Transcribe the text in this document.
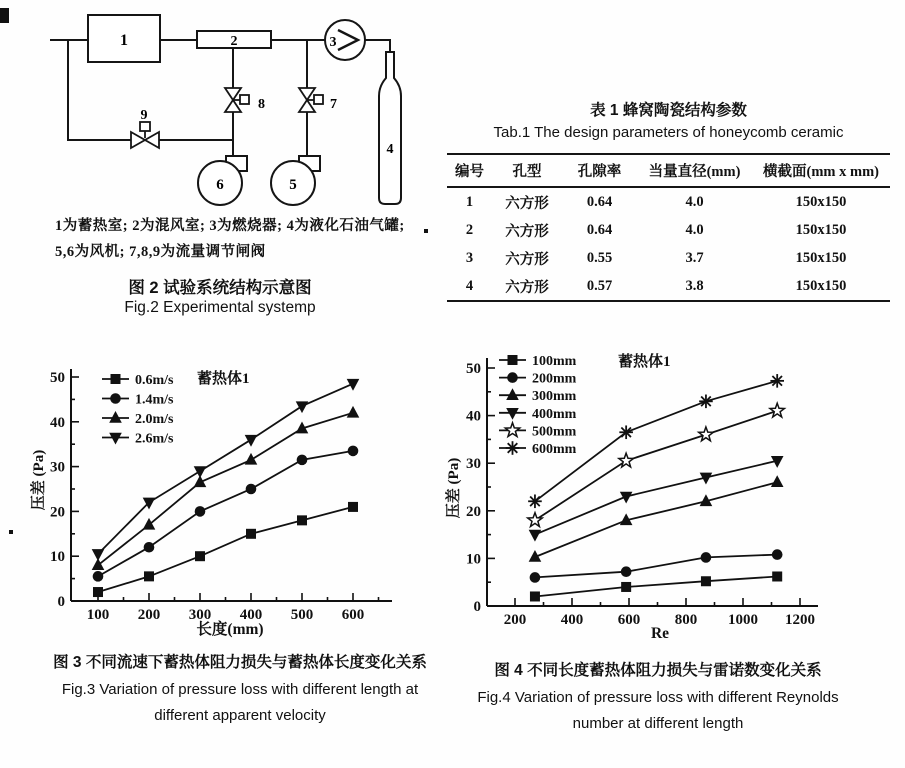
1	2	3
4
8	7
9
6	5
1为蓄热室; 2为混风室; 3为燃烧器; 4为液化石油气罐;
5,6为风机; 7,8,9为流量调节闸阀
图 2 试验系统结构示意图
Fig.2 Experimental systemp
表 1 蜂窝陶瓷结构参数
Tab.1 The design parameters of honeycomb ceramic
编号	孔型	孔隙率	当量直径(mm)	横截面(mm x mm)
1	六方形	0.64	4.0	150x150
2	六方形	0.64	4.0	150x150
3	六方形	0.55	3.7	150x150
4	六方形	0.57	3.8	150x150
100 200 300 400 500 600
0
10
20
30
40
50	0.6m/s
1.4m/s
2.0m/s
2.6m/s
蓄热体1
压差 (Pa)
长度(mm)
图 3 不同流速下蓄热体阻力损失与蓄热体长度变化关系
Fig.3 Variation of pressure loss with different length at
different apparent velocity
200 400 600 800 1000 1200
0
10
20
30
40
50	100mm
200mm
300mm
400mm
500mm
600mm
蓄热体1
压差 (Pa)
Re
图 4 不同长度蓄热体阻力损失与雷诺数变化关系
Fig.4 Variation of pressure loss with different Reynolds
number at different length
